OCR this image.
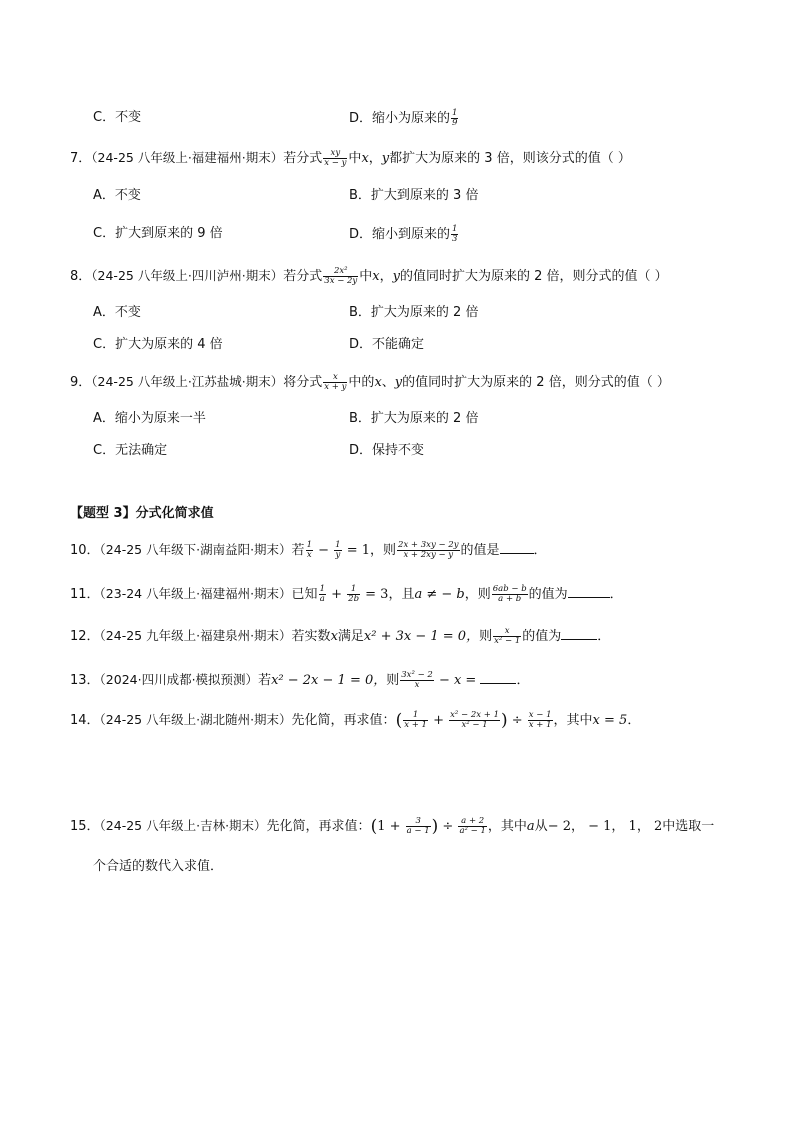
C．不变	D．缩小为原来的 $\frac{1}{9}$
7．（24-25 八年级上·福建福州·期末）若分式 $\frac{xy}{x - y}$ 中x，y都扩大为原来的 3 倍，则该分式的值（ ）
A．不变	B．扩大到原来的 3 倍
C．扩大到原来的 9 倍	D．缩小到原来的 $\frac{1}{3}$
8．（24-25 八年级上·四川泸州·期末）若分式 $\frac{\text{2x²}}{3x - 2y}$ 中x，y的值同时扩大为原来的 2 倍，则分式的值（ ）
A．不变	B．扩大为原来的 2 倍
C．扩大为原来的 4 倍	D．不能确定
9．（24-25 八年级上·江苏盐城·期末）将分式 $\frac{x}{x + y}$ 中的x、y的值同时扩大为原来的 2 倍，则分式的值（ ）
A．缩小为原来一半	B．扩大为原来的 2 倍
C．无法确定	D．保持不变
【题型 3】分式化简求值
10．（24-25 八年级下·湖南益阳·期末）若 $\frac{1}{x} - \frac{1}{y} = 1$，则 $\frac{2x + 3xy - 2y}{x + 2xy - y}$ 的值是	．
11．（23-24 八年级上·福建福州·期末）已知 $\frac{1}{a} + \frac{1}{2b} = 3$，且a ≠ − b，则 $\frac{6ab - b}{a + b}$ 的值为	．
12．（24-25 九年级上·福建泉州·期末）若实数x满足x² + 3x − 1 = 0，则 $\frac{x}{\text{x² − 1}}$ 的值为	．
13．（2024·四川成都·模拟预测）若x² − 2x − 1 = 0，则 $\frac{\text{3x² − 2}}{x} - x$ =	．
14．（24-25 八年级上·湖北随州·期末）先化简，再求值：( $\frac{1}{x + 1} + \frac{\text{x² − 2x + 1}}{\text{x² − 1}}$ ) ÷ $\frac{x - 1}{x + 1}$ ，其中x = 5．
15．（24-25 八年级上·吉林·期末）先化简，再求值：($1 + \frac{3}{a - 1}$ ) ÷ $\frac{a + 2}{\text{a² − 1}}$ ，其中a从− 2， − 1， 1， 2中选取一
个合适的数代入求值．
